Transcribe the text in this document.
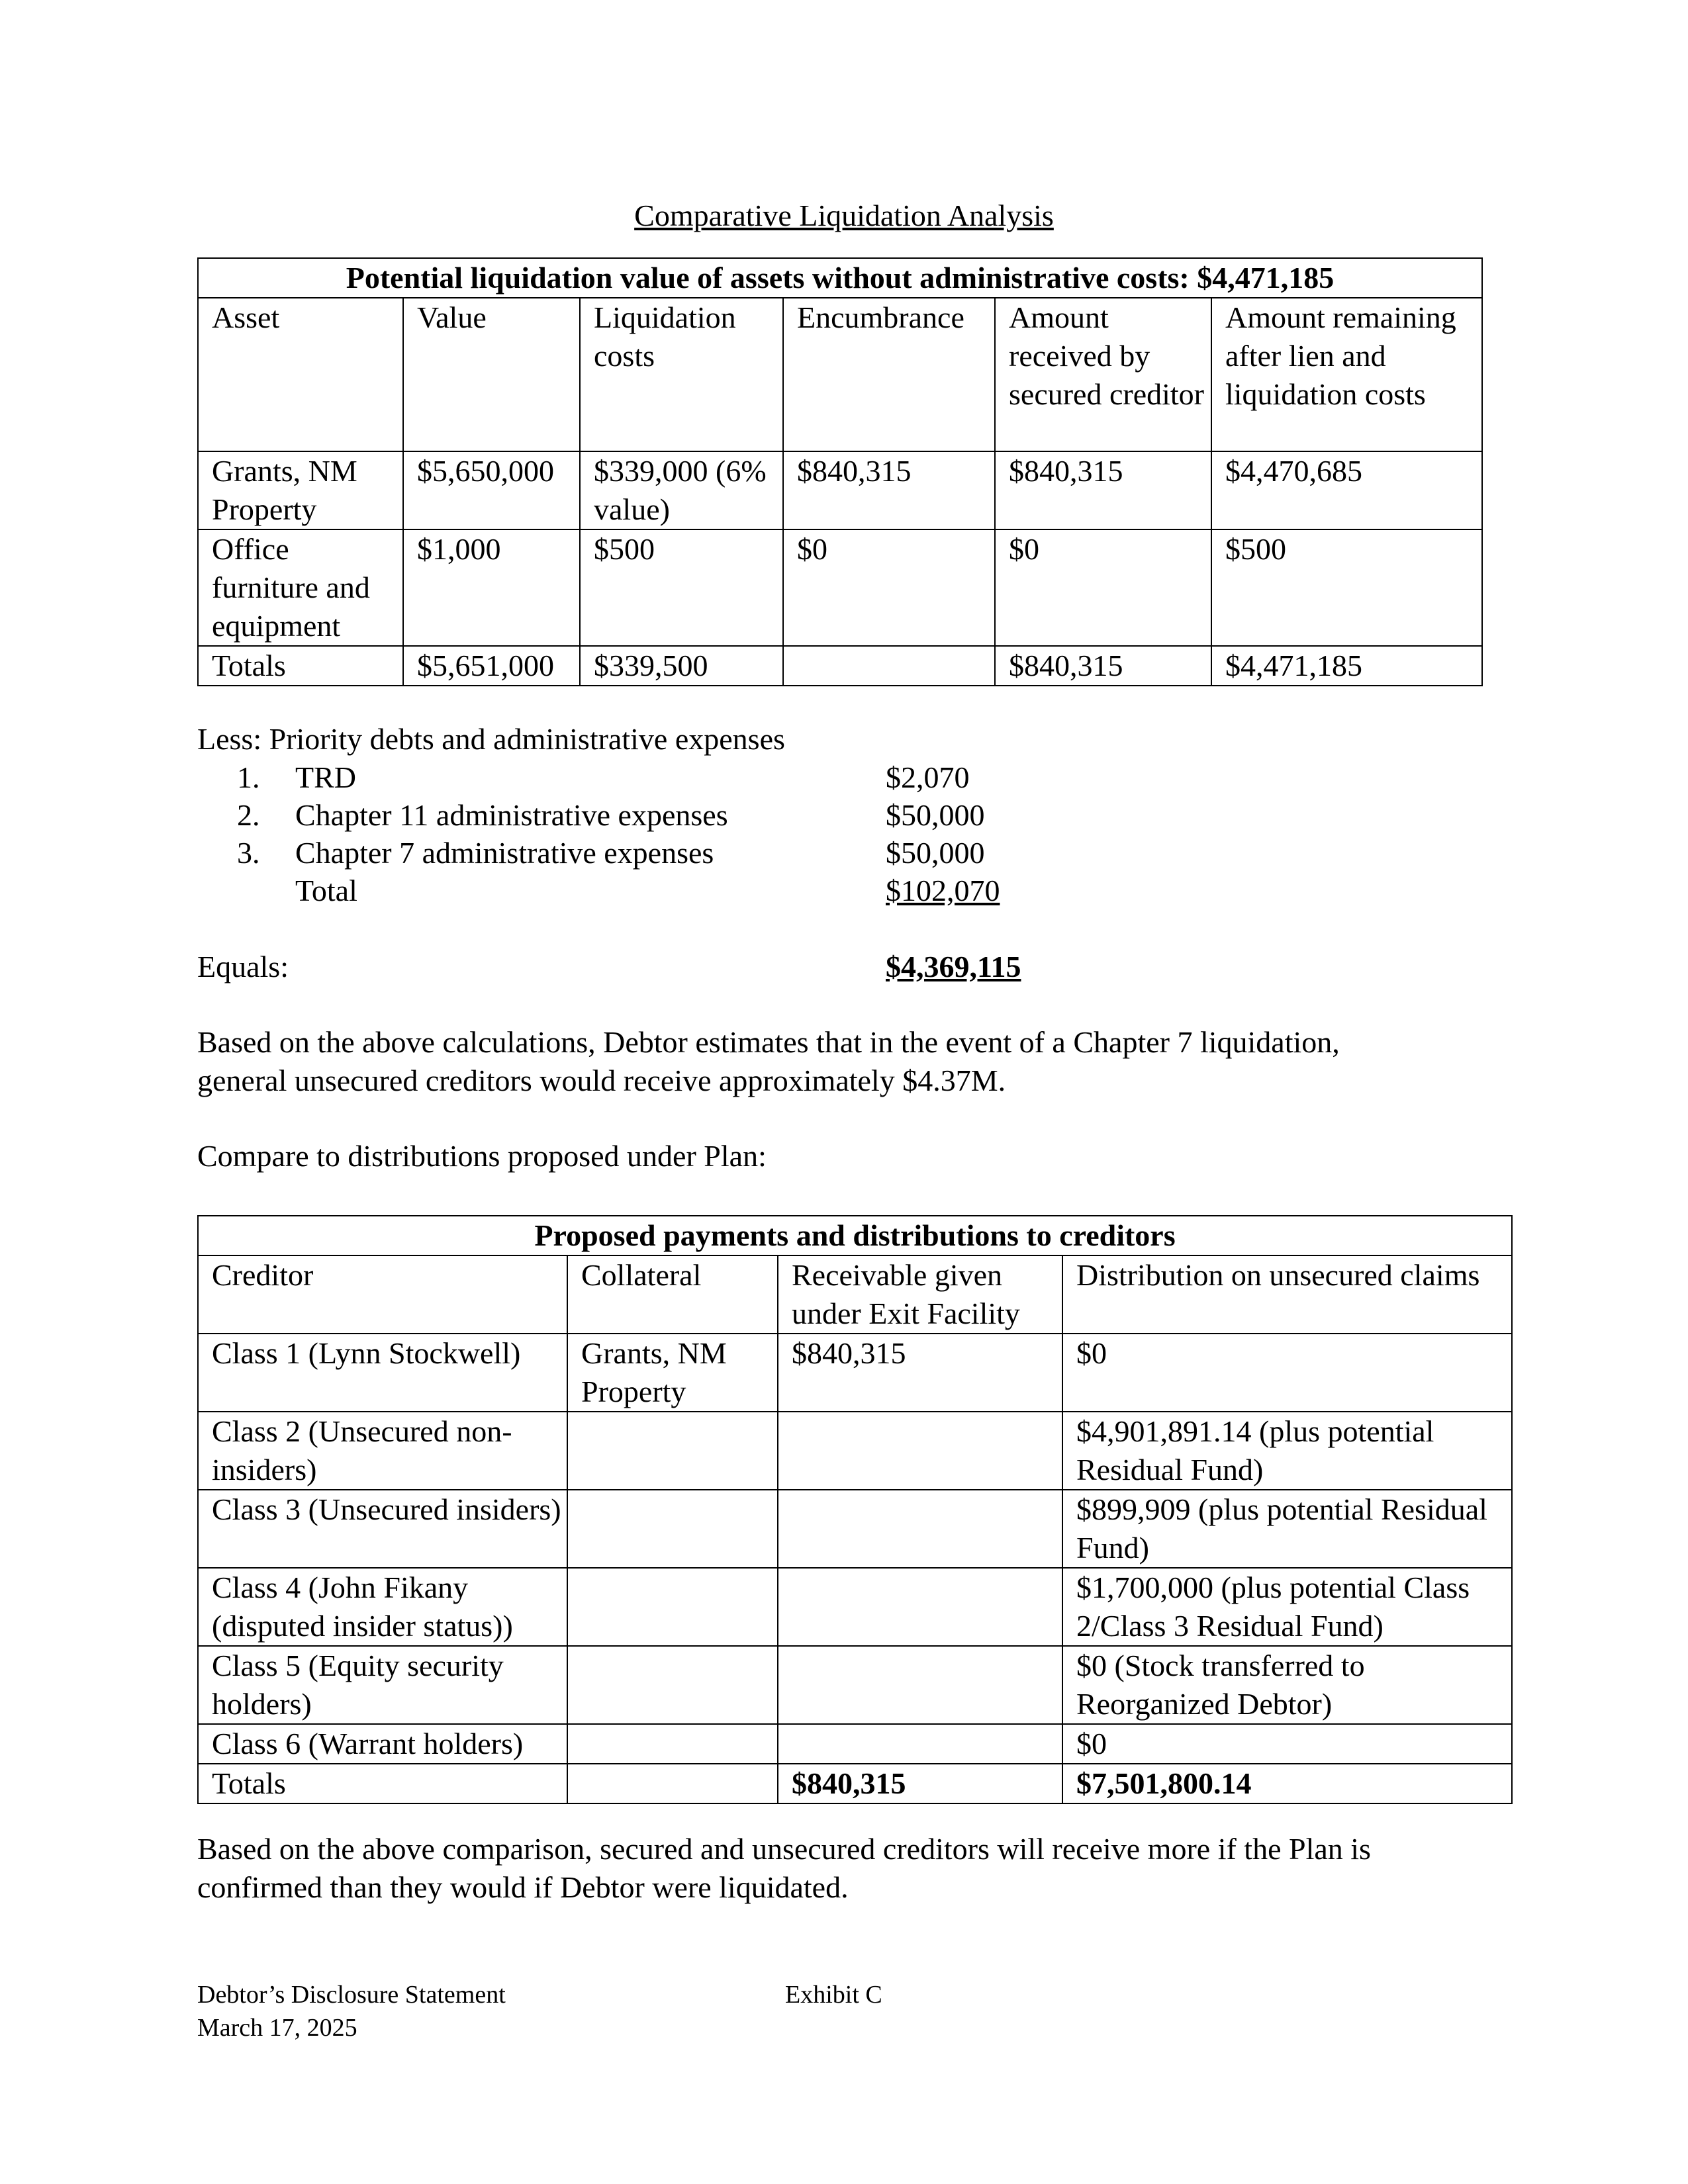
Comparative Liquidation Analysis
Potential liquidation value of assets without administrative costs: $4,471,185					
Asset	Value	Liquidation costs	Encumbrance	Amount received by secured creditor	Amount remaining after lien and liquidation costs
Grants, NM Property	$5,650,000	$339,000 (6% value)	$840,315	$840,315	$4,470,685
Office furniture and equipment	$1,000	$500	$0	$0	$500
Totals	$5,651,000	$339,500		$840,315	$4,471,185
Less: Priority debts and administrative expenses
1. TRD	$2,070
2. Chapter 11 administrative expenses	$50,000
3. Chapter 7 administrative expenses	$50,000
Total	$102,070
Equals:	$4,369,115
Based on the above calculations, Debtor estimates that in the event of a Chapter 7 liquidation,
general unsecured creditors would receive approximately $4.37M.
Compare to distributions proposed under Plan:
Proposed payments and distributions to creditors			
Creditor	Collateral	Receivable given under Exit Facility	Distribution on unsecured claims
Class 1 (Lynn Stockwell)	Grants, NM Property	$840,315	$0
Class 2 (Unsecured non-insiders)			$4,901,891.14 (plus potential Residual Fund)
Class 3 (Unsecured insiders)			$899,909 (plus potential Residual Fund)
Class 4 (John Fikany (disputed insider status))			$1,700,000 (plus potential Class 2/Class 3 Residual Fund)
Class 5 (Equity security holders)			$0 (Stock transferred to Reorganized Debtor)
Class 6 (Warrant holders)			$0
Totals		$840,315	$7,501,800.14
Based on the above comparison, secured and unsecured creditors will receive more if the Plan is
confirmed than they would if Debtor were liquidated.
Debtor’s Disclosure Statement
March 17, 2025
Exhibit C
